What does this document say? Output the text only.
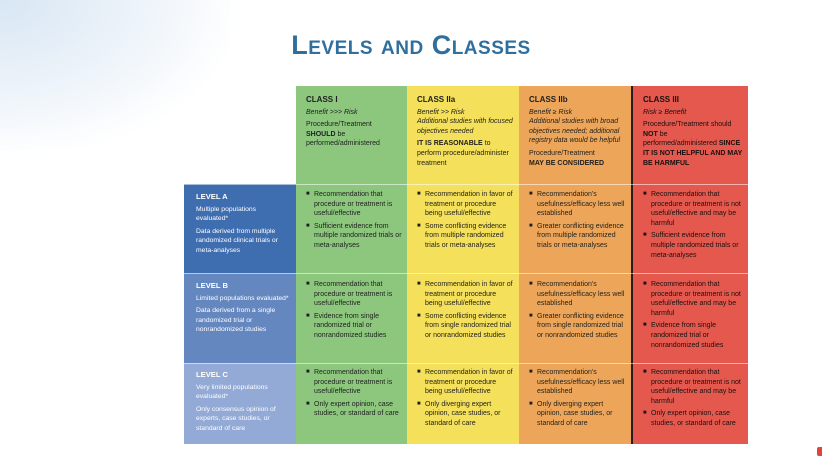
Levels and Classes
CLASS I
Benefit >>> Risk
Procedure/Treatment SHOULD be performed/administered
CLASS IIa
Benefit >> Risk
Additional studies with focused objectives needed
IT IS REASONABLE to perform procedure/administer treatment
CLASS IIb
Benefit ≥ Risk
Additional studies with broad objectives needed; additional registry data would be helpful
Procedure/Treatment
MAY BE CONSIDERED
CLASS III
Risk ≥ Benefit
Procedure/Treatment should NOT be performed/administered SINCE IT IS NOT HELPFUL AND MAY BE HARMFUL
LEVEL A
Multiple populations evaluated*
Data derived from multiple randomized clinical trials or meta-analyses
LEVEL B
Limited populations evaluated*
Data derived from a single randomized trial or nonrandomized studies
LEVEL C
Very limited populations evaluated*
Only consensus opinion of experts, case studies, or standard of care
■ Recommendation that procedure or treatment is useful/effective
■ Sufficient evidence from multiple randomized trials or meta-analyses
■ Recommendation in favor of treatment or procedure being useful/effective
■ Some conflicting evidence from multiple randomized trials or meta-analyses
■ Recommendation's usefulness/efficacy less well established
■ Greater conflicting evidence from multiple randomized trials or meta-analyses
■ Recommendation that procedure or treatment is not useful/effective and may be harmful
■ Sufficient evidence from multiple randomized trials or meta-analyses
■ Recommendation that procedure or treatment is useful/effective
■ Evidence from single randomized trial or nonrandomized studies
■ Recommendation in favor of treatment or procedure being useful/effective
■ Some conflicting evidence from single randomized trial or nonrandomized studies
■ Recommendation's usefulness/efficacy less well established
■ Greater conflicting evidence from single randomized trial or nonrandomized studies
■ Recommendation that procedure or treatment is not useful/effective and may be harmful
■ Evidence from single randomized trial or nonrandomized studies
■ Recommendation that procedure or treatment is useful/effective
■ Only expert opinion, case studies, or standard of care
■ Recommendation in favor of treatment or procedure being useful/effective
■ Only diverging expert opinion, case studies, or standard of care
■ Recommendation's usefulness/efficacy less well established
■ Only diverging expert opinion, case studies, or standard of care
■ Recommendation that procedure or treatment is not useful/effective and may be harmful
■ Only expert opinion, case studies, or standard of care
